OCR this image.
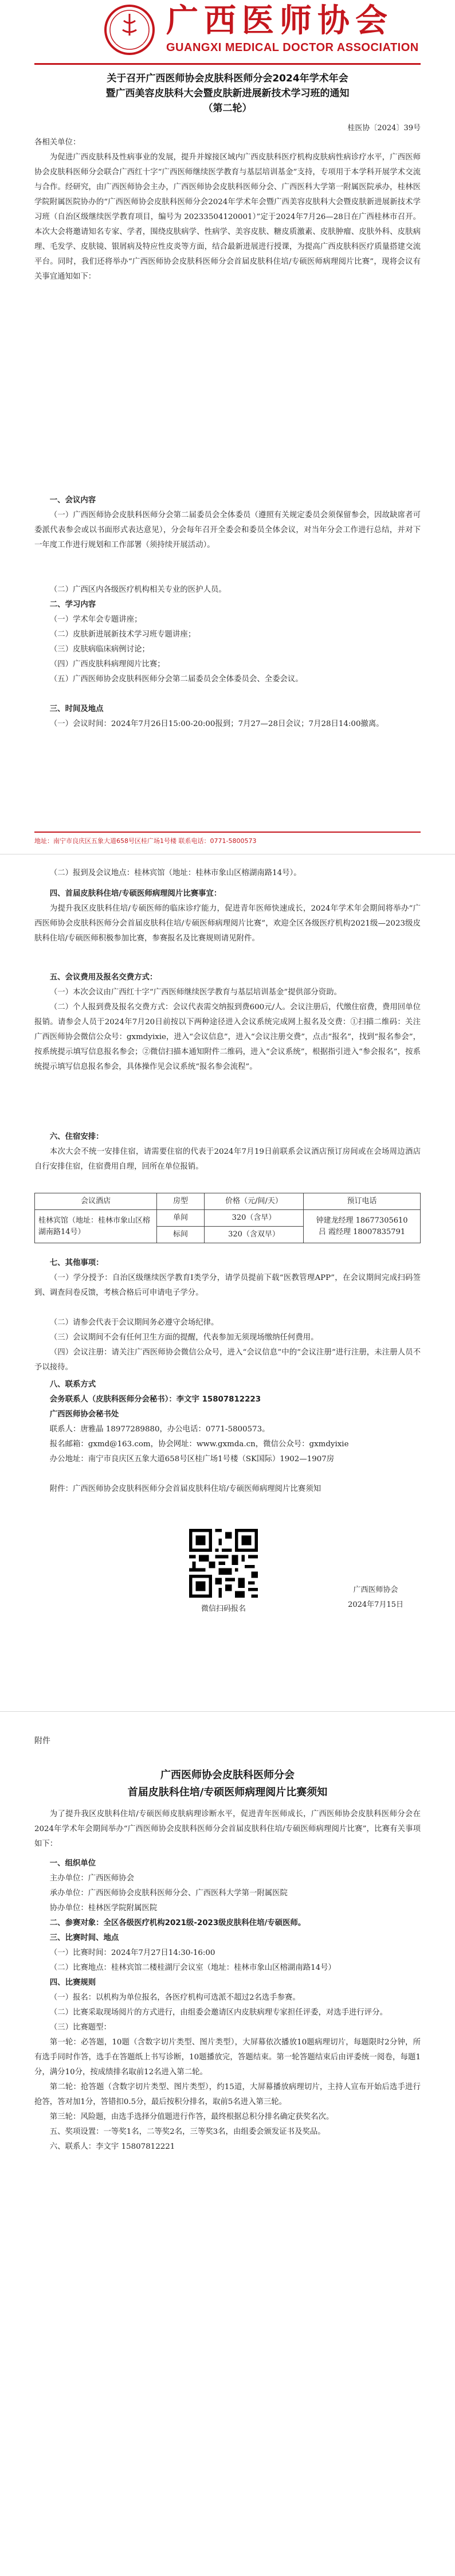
广西医师协会
GUANGXI MEDICAL DOCTOR ASSOCIATION
关于召开广西医师协会皮肤科医师分会2024年学术年会
暨广西美容皮肤科大会暨皮肤新进展新技术学习班的通知
（第二轮）
桂医协〔2024〕39号

各相关单位：

为促进广西皮肤科及性病事业的发展，提升并嫁接区域内广西皮肤科医疗机构皮肤病性病诊疗水平，广西医师协会皮肤科医师分会联合广西红十字“广西医师继续医学教育与基层培训基金”支持，专项用于本学科开展学术交流与合作。经研究，由广西医师协会主办，广西医师协会皮肤科医师分会、广西医科大学第一附属医院承办，桂林医学院附属医院协办的“广西医师协会皮肤科医师分会2024年学术年会暨广西美容皮肤科大会暨皮肤新进展新技术学习班（自治区级继续医学教育项目，编号为 20233504120001）”定于2024年7月26—28日在广西桂林市召开。本次大会将邀请知名专家、学者，围绕皮肤病学、性病学、美容皮肤、糖皮质激素、皮肤肿瘤、皮肤外科、皮肤病理、毛发学、皮肤镜、银屑病及特应性皮炎等方面，结合最新进展进行授课，为提高广西皮肤科医疗质量搭建交流平台。同时，我们还将举办“广西医师协会皮肤科医师分会首届皮肤科住培/专硕医师病理阅片比赛”，现将会议有关事宜通知如下：

一、会议内容

（一）广西医师协会皮肤科医师分会第二届委员会全体委员（遵照有关规定委员会须保留参会，因故缺席者可委派代表参会或以书面形式表达意见），分会每年召开全委会和委员全体会议，对当年分会工作进行总结，并对下一年度工作进行规划和工作部署（须持续开展活动）。

（二）广西区内各级医疗机构相关专业的医护人员。

二、学习内容

（一）学术年会专题讲座；

（二）皮肤新进展新技术学习班专题讲座；

（三）皮肤病临床病例讨论；

（四）广西皮肤科病理阅片比赛；

（五）广西医师协会皮肤科医师分会第二届委员会全体委员会、全委会议。

三、时间及地点

（一）会议时间：2024年7月26日15:00-20:00报到；7月27—28日会议；7月28日14:00撤离。

地址：南宁市良庆区五象大道658号区桂广场1号楼 联系电话：0771-5800573

（二）报到及会议地点：桂林宾馆（地址：桂林市象山区榕湖南路14号）。

四、首届皮肤科住培/专硕医师病理阅片比赛事宜：

为提升我区皮肤科住培/专硕医师的临床诊疗能力，促进青年医师快速成长，2024年学术年会期间将举办“广西医师协会皮肤科医师分会首届皮肤科住培/专硕医师病理阅片比赛”，欢迎全区各级医疗机构2021级—2023级皮肤科住培/专硕医师积极参加比赛，参赛报名及比赛规则请见附件。

五、会议费用及报名交费方式：

（一）本次会议由广西红十字“广西医师继续医学教育与基层培训基金”提供部分资助。

（二）个人报到费及报名交费方式：会议代表需交纳报到费600元/人。会议注册后，代缴住宿费，费用回单位报销。请参会人员于2024年7月20日前按以下两种途径进入会议系统完成网上报名及交费：①扫描二维码：关注广西医师协会微信公众号：gxmdyixie，进入“会议信息”，进入“会议注册交费”，点击“报名”，找到“报名参会”，按系统提示填写信息报名参会；②微信扫描本通知附件二维码，进入“会议系统”，根据指引进入“参会报名”，按系统提示填写信息报名参会，具体操作见会议系统“报名参会流程”。

六、住宿安排：

本次大会不统一安排住宿，请需要住宿的代表于2024年7月19日前联系会议酒店预订房间或在会场周边酒店自行安排住宿，住宿费用自理，回所在单位报销。

会议酒店	房型	价格（元/间/天）	预订电话
桂林宾馆（地址：桂林市象山区榕湖南路14号）	单间	320（含早）	钟建龙经理 18677305610
吕 霞经理 18007835791
	标间	320（含双早）	

七、其他事项：

（一）学分授予：自治区级继续医学教育Ⅰ类学分，请学员提前下载“医教管理APP”，在会议期间完成扫码签到、调查问卷反馈，考核合格后可申请电子学分。

（二）请参会代表于会议期间务必遵守会场纪律。

（三）会议期间不会有任何卫生方面的提醒，代表参加无须现场缴纳任何费用。

（四）会议注册：请关注广西医师协会微信公众号，进入“会议信息”中的“会议注册”进行注册，未注册人员不予以接待。

八、联系方式

会务联系人（皮肤科医师分会秘书）：李文宇 15807812223

广西医师协会秘书处

联系人：唐雅晶 18977289880，办公电话：0771-5800573。

报名邮箱：gxmd@163.com，协会网址：www.gxmda.cn，微信公众号：gxmdyixie

办公地址：南宁市良庆区五象大道658号区桂广场1号楼（SK国际）1902—1907房

附件：广西医师协会皮肤科医师分会首届皮肤科住培/专硕医师病理阅片比赛须知

微信扫码报名
广西医师协会
2024年7月15日
附件
广西医师协会皮肤科医师分会
首届皮肤科住培/专硕医师病理阅片比赛须知

为了提升我区皮肤科住培/专硕医师皮肤病理诊断水平，促进青年医师成长，广西医师协会皮肤科医师分会在2024年学术年会期间举办“广西医师协会皮肤科医师分会首届皮肤科住培/专硕医师病理阅片比赛”，比赛有关事项如下：

一、组织单位

主办单位：广西医师协会

承办单位：广西医师协会皮肤科医师分会、广西医科大学第一附属医院

协办单位：桂林医学院附属医院

二、参赛对象：全区各级医疗机构2021级-2023级皮肤科住培/专硕医师。

三、比赛时间、地点

（一）比赛时间：2024年7月27日14:30-16:00

（二）比赛地点：桂林宾馆二楼桂湖厅会议室（地址：桂林市象山区榕湖南路14号）

四、比赛规则

（一）报名：以机构为单位报名，各医疗机构可选派不超过2名选手参赛。

（二）比赛采取现场阅片的方式进行，由组委会邀请区内皮肤病理专家担任评委，对选手进行评分。

（三）比赛题型：

第一轮：必答题，10题（含数字切片类型、图片类型），大屏幕依次播放10题病理切片，每题限时2分钟，所有选手同时作答，选手在答题纸上书写诊断，10题播放完，答题结束。第一轮答题结束后由评委统一阅卷，每题1分，满分10分，按成绩排名取前12名进入第二轮。

第二轮：抢答题（含数字切片类型、图片类型），约15道，大屏幕播放病理切片，主持人宣布开始后选手进行抢答，答对加1分，答错扣0.5分，最后按积分排名，取前5名进入第三轮。

第三轮：风险题，由选手选择分值题进行作答，最终根据总积分排名确定获奖名次。

五、奖项设置：一等奖1名，二等奖2名，三等奖3名，由组委会颁发证书及奖品。

六、联系人：李文宇 15807812221
